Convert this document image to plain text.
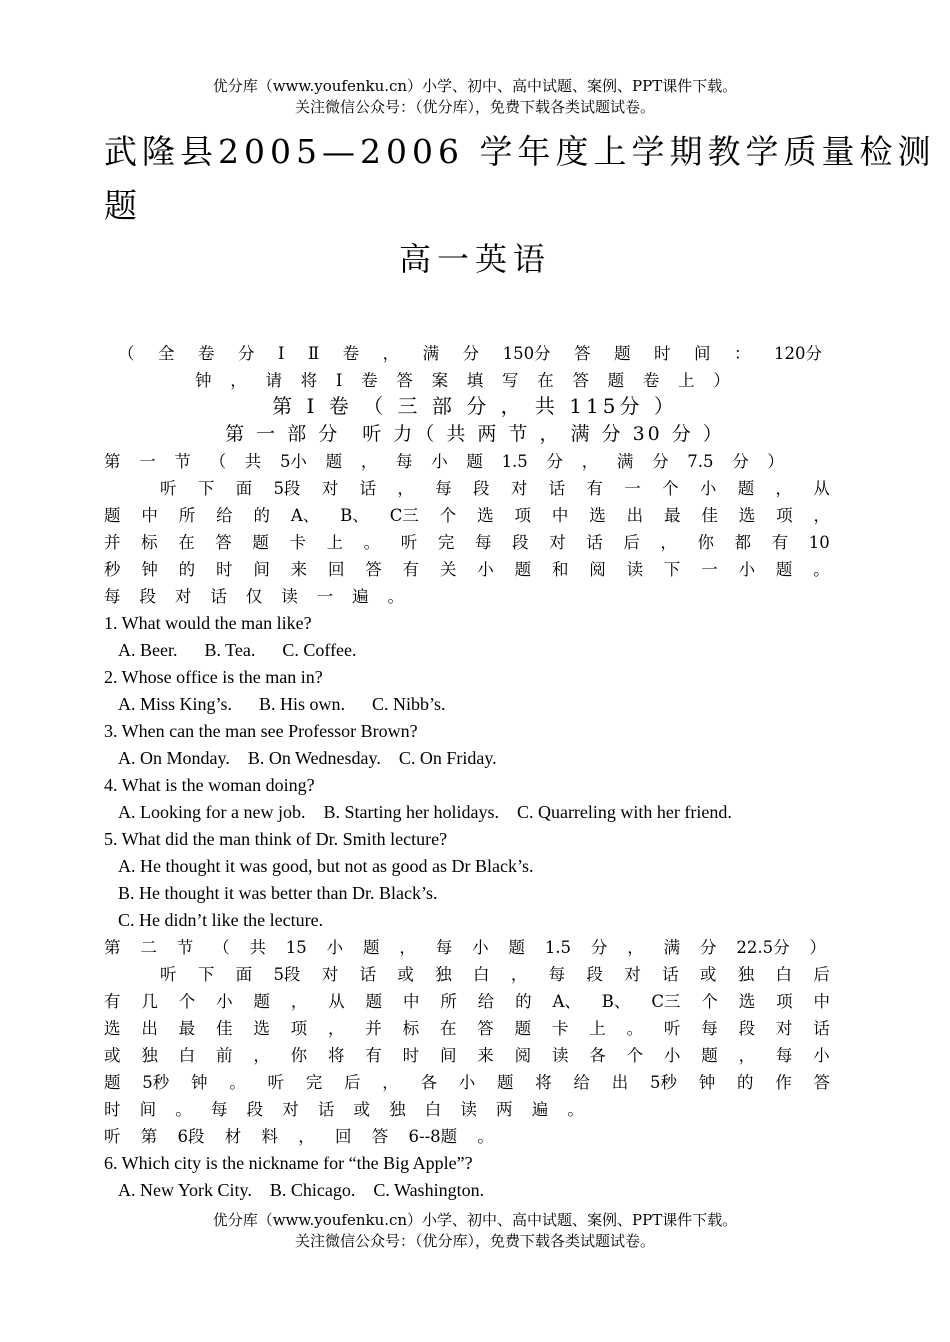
优分库（www.youfenku.cn）小学、初中、高中试题、案例、PPT课件下载。
关注微信公众号：（优分库），免费下载各类试题试卷。
武隆县2005—2006 学年度上学期教学质量检测
题
高一英语
（ 全 卷 分 Ⅰ Ⅱ 卷 ， 满 分 150分 答 题 时 间 ： 120分
钟 ， 请 将 I 卷 答 案 填 写 在 答 题 卷 上 ）
第 Ⅰ 卷 （ 三 部 分 ， 共 115分 ）
第 一 部 分　听 力（ 共 两 节 ， 满 分 30 分 ）
第 一 节 （ 共 5小 题 ， 每 小 题 1.5 分 ， 满 分 7.5 分 ）
听 下 面 5段 对 话 ， 每 段 对 话 有 一 个 小 题 ， 从
题 中 所 给 的 A、 B、 C三 个 选 项 中 选 出 最 佳 选 项 ，
并 标 在 答 题 卡 上 。 听 完 每 段 对 话 后 ， 你 都 有 10
秒 钟 的 时 间 来 回 答 有 关 小 题 和 阅 读 下 一 小 题 。
每 段 对 话 仅 读 一 遍 。
1. What would the man like?
A. Beer.      B. Tea.      C. Coffee.
2. Whose office is the man in?
A. Miss King’s.      B. His own.      C. Nibb’s.
3. When can the man see Professor Brown?
A. On Monday.    B. On Wednesday.    C. On Friday.
4. What is the woman doing?
A. Looking for a new job.    B. Starting her holidays.    C. Quarreling with her friend.
5. What did the man think of Dr. Smith lecture?
A. He thought it was good, but not as good as Dr Black’s.
B. He thought it was better than Dr. Black’s.
C. He didn’t like the lecture.
第 二 节 （ 共 15 小 题 ， 每 小 题 1.5 分 ， 满 分 22.5分 ）
听 下 面 5段 对 话 或 独 白 ， 每 段 对 话 或 独 白 后
有 几 个 小 题 ， 从 题 中 所 给 的 A、 B、 C三 个 选 项 中
选 出 最 佳 选 项 ， 并 标 在 答 题 卡 上 。 听 每 段 对 话
或 独 白 前 ， 你 将 有 时 间 来 阅 读 各 个 小 题 ， 每 小
题 5秒 钟 。 听 完 后 ， 各 小 题 将 给 出 5秒 钟 的 作 答
时 间 。 每 段 对 话 或 独 白 读 两 遍 。
听 第 6段 材 料 ， 回 答 6--8题 。
6. Which city is the nickname for “the Big Apple”?
A. New York City.    B. Chicago.    C. Washington.
优分库（www.youfenku.cn）小学、初中、高中试题、案例、PPT课件下载。
关注微信公众号：（优分库），免费下载各类试题试卷。
